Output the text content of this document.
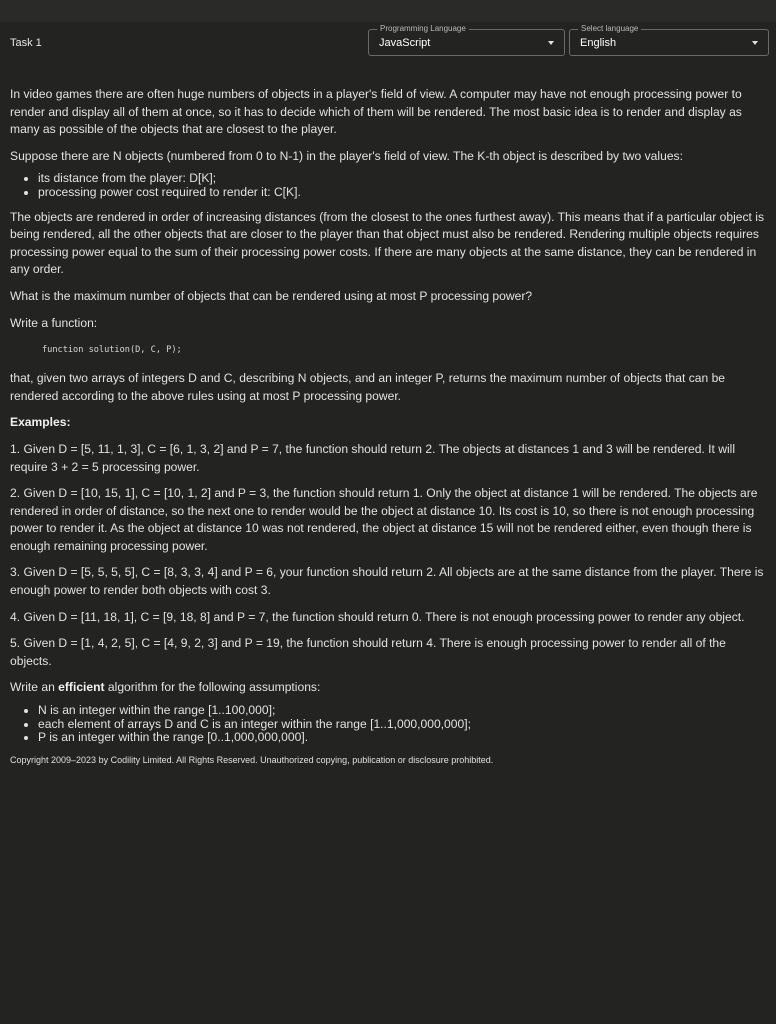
Task 1
Programming Language
JavaScript
Select language
English

In video games there are often huge numbers of objects in a player's field of view. A computer may have not enough processing power to render and display all of them at once, so it has to decide which of them will be rendered. The most basic idea is to render and display as many as possible of the objects that are closest to the player.

Suppose there are N objects (numbered from 0 to N-1) in the player's field of view. The K-th object is described by two values:

• its distance from the player: D[K];
• processing power cost required to render it: C[K].

The objects are rendered in order of increasing distances (from the closest to the ones furthest away). This means that if a particular object is being rendered, all the other objects that are closer to the player than that object must also be rendered. Rendering multiple objects requires processing power equal to the sum of their processing power costs. If there are many objects at the same distance, they can be rendered in any order.

What is the maximum number of objects that can be rendered using at most P processing power?

Write a function:

function solution(D, C, P);

that, given two arrays of integers D and C, describing N objects, and an integer P, returns the maximum number of objects that can be rendered according to the above rules using at most P processing power.

Examples:

1. Given D = [5, 11, 1, 3], C = [6, 1, 3, 2] and P = 7, the function should return 2. The objects at distances 1 and 3 will be rendered. It will require 3 + 2 = 5 processing power.

2. Given D = [10, 15, 1], C = [10, 1, 2] and P = 3, the function should return 1. Only the object at distance 1 will be rendered. The objects are rendered in order of distance, so the next one to render would be the object at distance 10. Its cost is 10, so there is not enough processing power to render it. As the object at distance 10 was not rendered, the object at distance 15 will not be rendered either, even though there is enough remaining processing power.

3. Given D = [5, 5, 5, 5], C = [8, 3, 3, 4] and P = 6, your function should return 2. All objects are at the same distance from the player. There is enough power to render both objects with cost 3.

4. Given D = [11, 18, 1], C = [9, 18, 8] and P = 7, the function should return 0. There is not enough processing power to render any object.

5. Given D = [1, 4, 2, 5], C = [4, 9, 2, 3] and P = 19, the function should return 4. There is enough processing power to render all of the objects.

Write an efficient algorithm for the following assumptions:

• N is an integer within the range [1..100,000];
• each element of arrays D and C is an integer within the range [1..1,000,000,000];
• P is an integer within the range [0..1,000,000,000].
Copyright 2009–2023 by Codility Limited. All Rights Reserved. Unauthorized copying, publication or disclosure prohibited.
